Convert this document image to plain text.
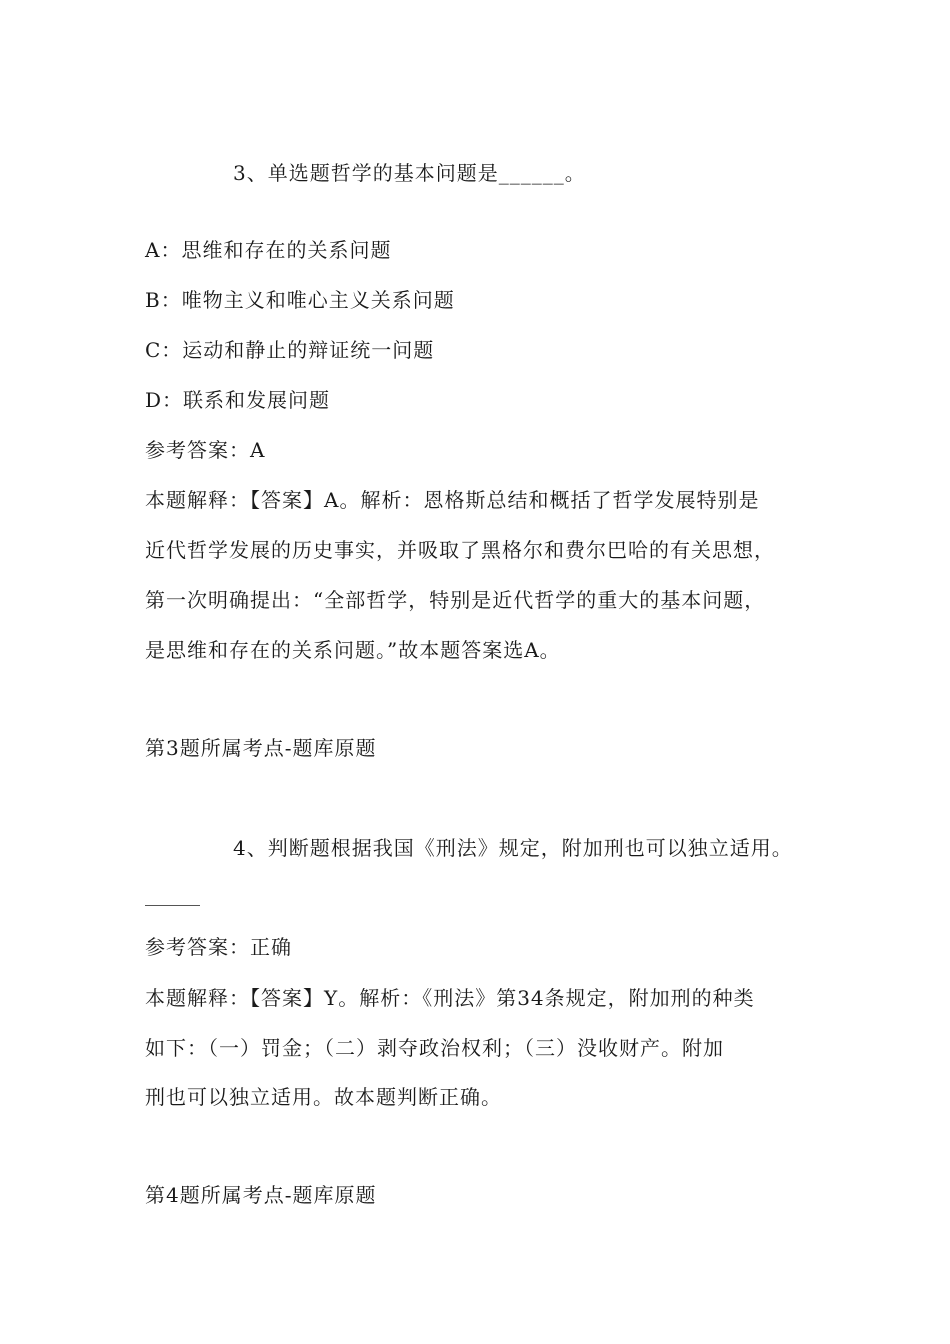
3、单选题哲学的基本问题是______。
A：思维和存在的关系问题
B：唯物主义和唯心主义关系问题
C：运动和静止的辩证统一问题
D：联系和发展问题
参考答案：A
本题解释：【答案】A。解析：恩格斯总结和概括了哲学发展特别是
近代哲学发展的历史事实，并吸取了黑格尔和费尔巴哈的有关思想，
第一次明确提出：“全部哲学，特别是近代哲学的重大的基本问题，
是思维和存在的关系问题。”故本题答案选A。
第3题所属考点-题库原题
4、判断题根据我国《刑法》规定，附加刑也可以独立适用。
参考答案：正确
本题解释：【答案】Y。解析：《刑法》第34条规定，附加刑的种类
如下：（一）罚金；（二）剥夺政治权利；（三）没收财产。附加
刑也可以独立适用。故本题判断正确。
第4题所属考点-题库原题
